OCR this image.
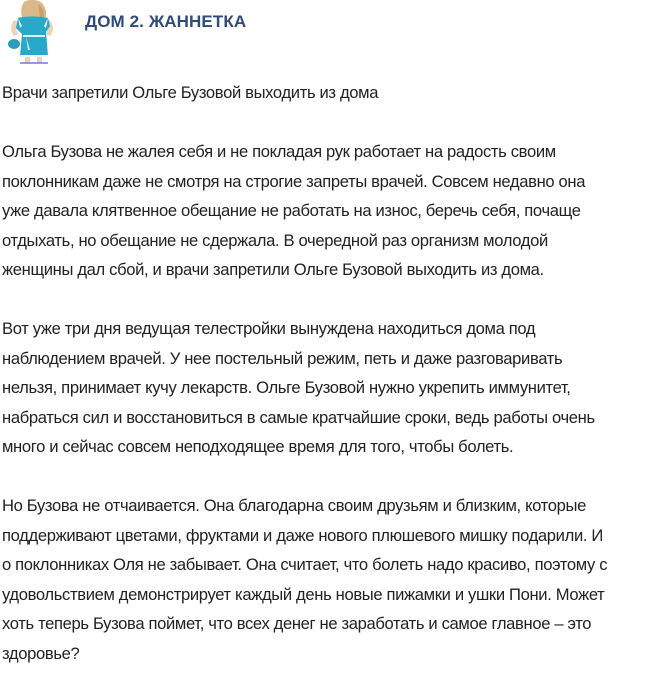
ДОМ 2. ЖАННЕТКА

Врачи запретили Ольге Бузовой выходить из дома

Ольга Бузова не жалея себя и не покладая рук работает на радость своим
поклонникам даже не смотря на строгие запреты врачей. Совсем недавно она
уже давала клятвенное обещание не работать на износ, беречь себя, почаще
отдыхать, но обещание не сдержала. В очередной раз организм молодой
женщины дал сбой, и врачи запретили Ольге Бузовой выходить из дома.

Вот уже три дня ведущая телестройки вынуждена находиться дома под
наблюдением врачей. У нее постельный режим, петь и даже разговаривать
нельзя, принимает кучу лекарств. Ольге Бузовой нужно укрепить иммунитет,
набраться сил и восстановиться в самые кратчайшие сроки, ведь работы очень
много и сейчас совсем неподходящее время для того, чтобы болеть.

Но Бузова не отчаивается. Она благодарна своим друзьям и близким, которые
поддерживают цветами, фруктами и даже нового плюшевого мишку подарили. И
о поклонниках Оля не забывает. Она считает, что болеть надо красиво, поэтому с
удовольствием демонстрирует каждый день новые пижамки и ушки Пони. Может
хоть теперь Бузова поймет, что всех денег не заработать и самое главное – это
здоровье?
